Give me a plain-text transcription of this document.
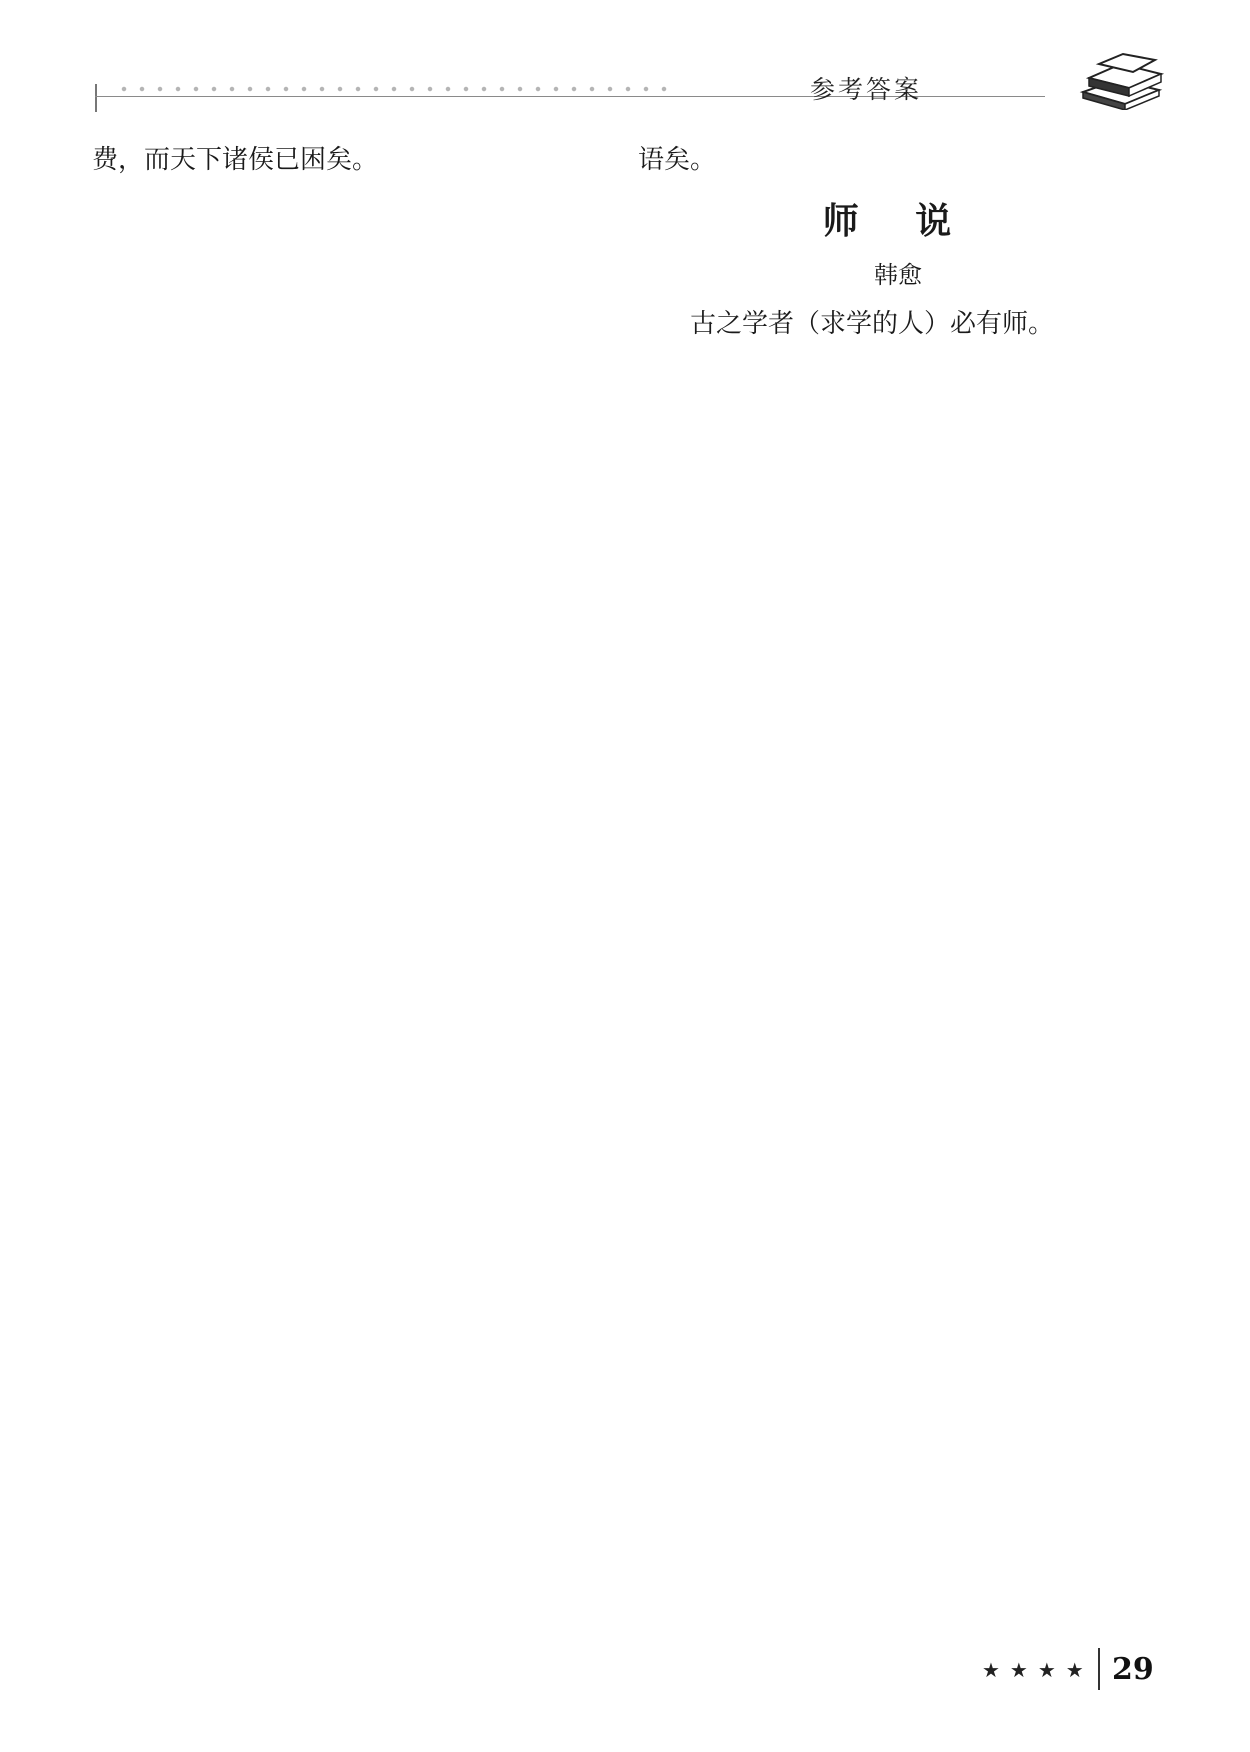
参考答案

费，而天下诸侯已困矣。	语矣。

师 说
韩愈

古之学者（求学的人）必有师。

★★★★ 29
